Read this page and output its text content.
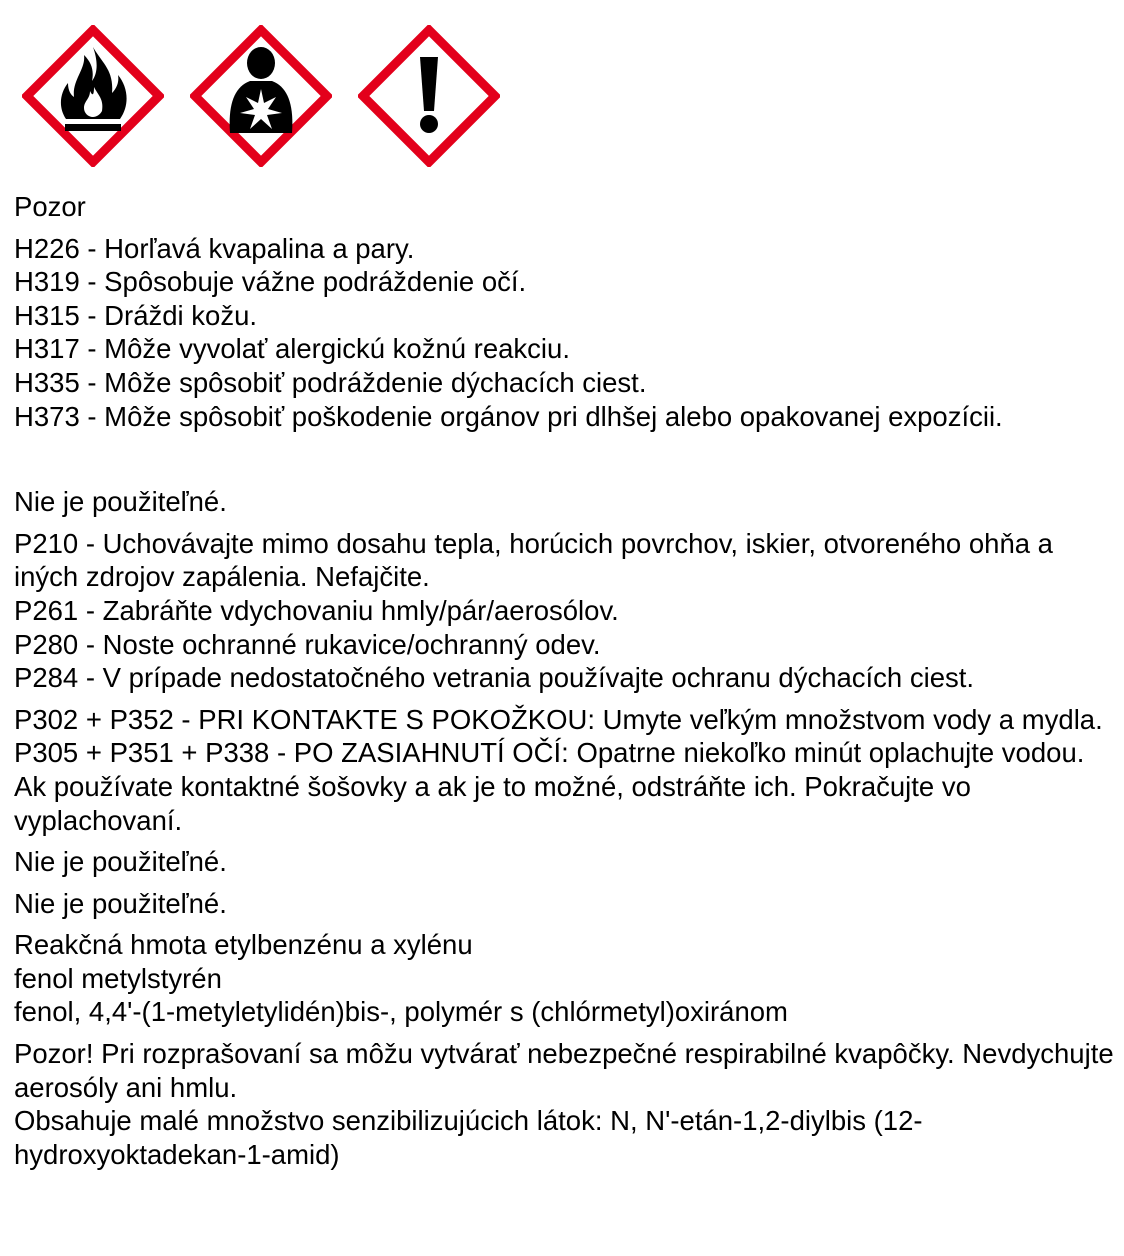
Pozor

H226 - Horľavá kvapalina a pary.

H319 - Spôsobuje vážne podráždenie očí.

H315 - Dráždi kožu.

H317 - Môže vyvolať alergickú kožnú reakciu.

H335 - Môže spôsobiť podráždenie dýchacích ciest.

H373 - Môže spôsobiť poškodenie orgánov pri dlhšej alebo opakovanej expozícii.

Nie je použiteľné.

P210 - Uchovávajte mimo dosahu tepla, horúcich povrchov, iskier, otvoreného ohňa a iných zdrojov zapálenia. Nefajčite.

P261 - Zabráňte vdychovaniu hmly/pár/aerosólov.

P280 - Noste ochranné rukavice/ochranný odev.

P284 - V prípade nedostatočného vetrania používajte ochranu dýchacích ciest.

P302 + P352 - PRI KONTAKTE S POKOŽKOU: Umyte veľkým množstvom vody a mydla.

P305 + P351 + P338 - PO ZASIAHNUTÍ OČÍ: Opatrne niekoľko minút oplachujte vodou. Ak používate kontaktné šošovky a ak je to možné, odstráňte ich. Pokračujte vo vyplachovaní.

Nie je použiteľné.

Nie je použiteľné.

Reakčná hmota etylbenzénu a xylénu

fenol metylstyrén

fenol, 4,4'-(1-metyletylidén)bis-, polymér s (chlórmetyl)oxiránom

Pozor! Pri rozprašovaní sa môžu vytvárať nebezpečné respirabilné kvapôčky. Nevdychujte aerosóly ani hmlu.

Obsahuje malé množstvo senzibilizujúcich látok: N, N'-etán-1,2-diylbis (12-hydroxyoktadekan-1-amid)
